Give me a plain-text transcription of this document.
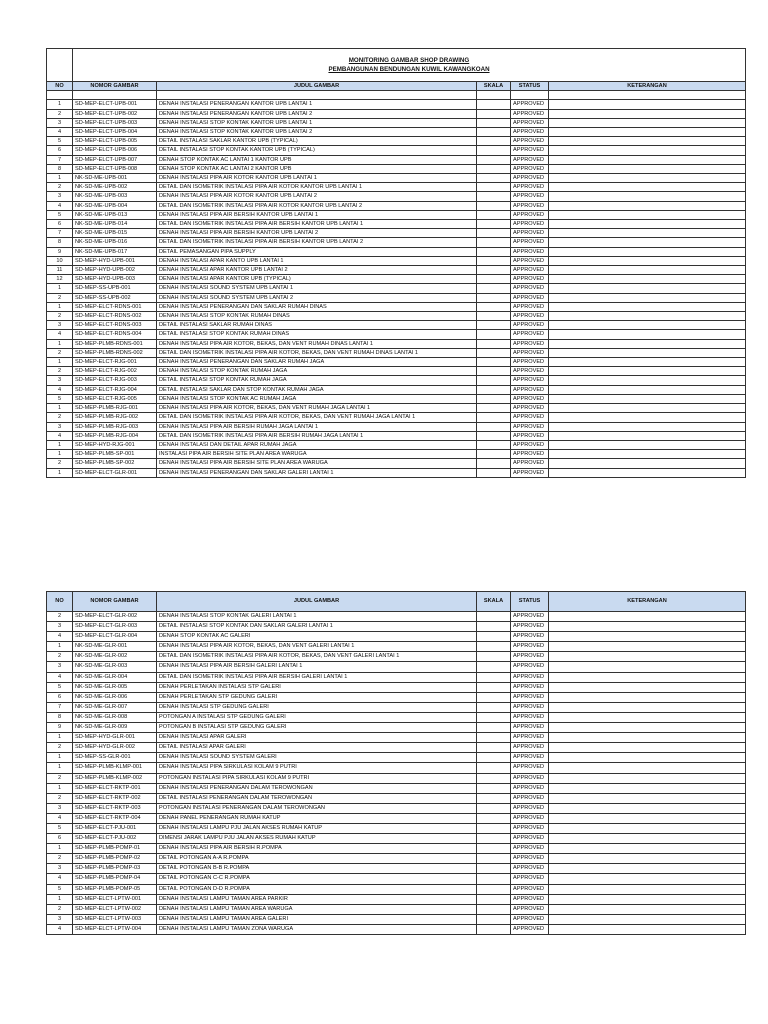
	MONITORING GAMBAR SHOP DRAWING
PEMBANGUNAN BENDUNGAN KUWIL KAWANGKOAN				

NO	NOMOR GAMBAR	JUDUL GAMBAR	SKALA	STATUS	KETERANGAN

1	SD-MEP-ELCT-UPB-001	DENAH INSTALASI PENERANGAN KANTOR UPB LANTAI 1		APPROVED	
2	SD-MEP-ELCT-UPB-002	DENAH INSTALASI PENERANGAN KANTOR UPB LANTAI 2		APPROVED	
3	SD-MEP-ELCT-UPB-003	DENAH INSTALASI STOP KONTAK KANTOR UPB LANTAI 1		APPROVED	
4	SD-MEP-ELCT-UPB-004	DENAH INSTALASI STOP KONTAK KANTOR UPB LANTAI 2		APPROVED	
5	SD-MEP-ELCT-UPB-005	DETAIL INSTALASI SAKLAR KANTOR UPB (TYPICAL)		APPROVED	
6	SD-MEP-ELCT-UPB-006	DETAIL INSTALASI STOP KONTAK KANTOR UPB (TYPICAL)		APPROVED	
7	SD-MEP-ELCT-UPB-007	DENAH STOP KONTAK AC LANTAI 1 KANTOR UPB		APPROVED	
8	SD-MEP-ELCT-UPB-008	DENAH STOP KONTAK AC LANTAI 2 KANTOR UPB		APPROVED	
1	NK-SD-ME-UPB-001	DENAH INSTALASI PIPA AIR KOTOR KANTOR UPB LANTAI 1		APPROVED	
2	NK-SD-ME-UPB-002	DETAIL DAN ISOMETRIK INSTALASI PIPA AIR KOTOR KANTOR UPB LANTAI 1		APPROVED	
3	NK-SD-ME-UPB-003	DENAH INSTALASI PIPA AIR KOTOR KANTOR UPB LANTAI 2		APPROVED	
4	NK-SD-ME-UPB-004	DETAIL DAN ISOMETRIK INSTALASI PIPA AIR KOTOR KANTOR UPB LANTAI 2		APPROVED	
5	NK-SD-ME-UPB-013	DENAH INSTALASI PIPA AIR BERSIH KANTOR UPB LANTAI 1		APPROVED	
6	NK-SD-ME-UPB-014	DETAIL DAN ISOMETRIK INSTALASI PIPA AIR BERSIH KANTOR UPB LANTAI 1		APPROVED	
7	NK-SD-ME-UPB-015	DENAH INSTALASI PIPA AIR BERSIH KANTOR UPB LANTAI 2		APPROVED	
8	NK-SD-ME-UPB-016	DETAIL DAN ISOMETRIK INSTALASI PIPA AIR BERSIH KANTOR UPB LANTAI 2		APPROVED	
9	NK-SD-ME-UPB-017	DETAIL PEMASANGAN PIPA SUPPLY		APPROVED	
10	SD-MEP-HYD-UPB-001	DENAH INSTALASI APAR KANTO UPB LANTAI 1		APPROVED	
11	SD-MEP-HYD-UPB-002	DENAH INSTALASI APAR KANTOR UPB LANTAI 2		APPROVED	
12	SD-MEP-HYD-UPB-003	DENAH INSTALASI APAR KANTOR UPB (TYPICAL)		APPROVED	
1	SD-MEP-SS-UPB-001	DENAH INSTALASI SOUND SYSTEM UPB LANTAI 1		APPROVED	
2	SD-MEP-SS-UPB-002	DENAH INSTALASI SOUND SYSTEM UPB LANTAI 2		APPROVED	
1	SD-MEP-ELCT-RDNS-001	DENAH INSTALASI PENERANGAN DAN SAKLAR RUMAH DINAS		APPROVED	
2	SD-MEP-ELCT-RDNS-002	DENAH INSTALASI STOP KONTAK RUMAH DINAS		APPROVED	
3	SD-MEP-ELCT-RDNS-003	DETAIL INSTALASI SAKLAR RUMAH DINAS		APPROVED	
4	SD-MEP-ELCT-RDNS-004	DETAIL INSTALASI STOP KONTAK RUMAH DINAS		APPROVED	
1	SD-MEP-PLMB-RDNS-001	DENAH INSTALASI PIPA AIR KOTOR, BEKAS, DAN VENT RUMAH DINAS LANTAI 1		APPROVED	
2	SD-MEP-PLMB-RDNS-002	DETAIL DAN ISOMETRIK INSTALASI PIPA AIR KOTOR, BEKAS, DAN VENT RUMAH DINAS LANTAI 1		APPROVED	
1	SD-MEP-ELCT-RJG-001	DENAH INSTALASI PENERANGAN DAN SAKLAR RUMAH JAGA		APPROVED	
2	SD-MEP-ELCT-RJG-002	DENAH INSTALASI STOP KONTAK RUMAH JAGA		APPROVED	
3	SD-MEP-ELCT-RJG-003	DETAIL INSTALASI STOP KONTAK RUMAH JAGA		APPROVED	
4	SD-MEP-ELCT-RJG-004	DETAIL INSTALASI SAKLAR DAN STOP KONTAK RUMAH JAGA		APPROVED	
5	SD-MEP-ELCT-RJG-005	DENAH INSTALASI STOP KONTAK AC RUMAH JAGA		APPROVED	
1	SD-MEP-PLMB-RJG-001	DENAH INSTALASI PIPA AIR KOTOR, BEKAS, DAN VENT RUMAH JAGA LANTAI 1		APPROVED	
2	SD-MEP-PLMB-RJG-002	DETAIL DAN ISOMETRIK INSTALASI PIPA AIR KOTOR, BEKAS, DAN VENT RUMAH JAGA LANTAI 1		APPROVED	
3	SD-MEP-PLMB-RJG-003	DENAH INSTALASI PIPA AIR BERSIH RUMAH JAGA LANTAI 1		APPROVED	
4	SD-MEP-PLMB-RJG-004	DETAIL DAN ISOMETRIK INSTALASI PIPA AIR BERSIH RUMAH JAGA LANTAI 1		APPROVED	
1	SD-MEP-HYD-RJG-001	DENAH INSTALASI DAN DETAIL APAR RUMAH JAGA		APPROVED	
1	SD-MEP-PLMB-SP-001	INSTALASI PIPA AIR BERSIH SITE PLAN AREA WARUGA		APPROVED	
2	SD-MEP-PLMB-SP-002	DENAH INSTALASI PIPA AIR BERSIH SITE PLAN AREA WARUGA		APPROVED	
1	SD-MEP-ELCT-GLR-001	DENAH INSTALASI PENERANGAN DAN SAKLAR GALERI LANTAI 1		APPROVED	
NO	NOMOR GAMBAR	JUDUL GAMBAR	SKALA	STATUS	KETERANGAN
2	SD-MEP-ELCT-GLR-002	DENAH INSTALASI STOP KONTAK GALERI LANTAI 1		APPROVED	
3	SD-MEP-ELCT-GLR-003	DETAIL INSTALASI STOP KONTAK DAN SAKLAR GALERI LANTAI 1		APPROVED	
4	SD-MEP-ELCT-GLR-004	DENAH STOP KONTAK AC GALERI		APPROVED	
1	NK-SD-ME-GLR-001	DENAH INSTALASI PIPA AIR KOTOR, BEKAS, DAN VENT GALERI LANTAI 1		APPROVED	
2	NK-SD-ME-GLR-002	DETAIL DAN ISOMETRIK INSTALASI PIPA AIR KOTOR, BEKAS, DAN VENT GALERI LANTAI 1		APPROVED	
3	NK-SD-ME-GLR-003	DENAH INSTALASI PIPA AIR BERSIH GALERI LANTAI 1		APPROVED	
4	NK-SD-ME-GLR-004	DETAIL DAN ISOMETRIK INSTALASI PIPA AIR BERSIH GALERI LANTAI 1		APPROVED	
5	NK-SD-ME-GLR-005	DENAH PERLETAKAN INSTALASI STP GALERI		APPROVED	
6	NK-SD-ME-GLR-006	DENAH PERLETAKAN STP GEDUNG GALERI		APPROVED	
7	NK-SD-ME-GLR-007	DENAH INSTALASI STP GEDUNG GALERI		APPROVED	
8	NK-SD-ME-GLR-008	POTONGAN A INSTALASI STP GEDUNG GALERI		APPROVED	
9	NK-SD-ME-GLR-009	POTONGAN B INSTALASI STP GEDUNG GALERI		APPROVED	
1	SD-MEP-HYD-GLR-001	DENAH INSTALASI APAR GALERI		APPROVED	
2	SD-MEP-HYD-GLR-002	DETAIL INSTALASI APAR GALERI		APPROVED	
1	SD-MEP-SS-GLR-001	DENAH INSTALASI SOUND SYSTEM GALERI		APPROVED	
1	SD-MEP-PLMB-KLMP-001	DENAH INSTALASI PIPA SIRKULASI KOLAM 9 PUTRI		APPROVED	
2	SD-MEP-PLMB-KLMP-002	POTONGAN INSTALASI PIPA SIRKULASI KOLAM 9 PUTRI		APPROVED	
1	SD-MEP-ELCT-RKTP-001	DENAH INSTALASI PENERANGAN DALAM TEROWONGAN		APPROVED	
2	SD-MEP-ELCT-RKTP-002	DETAIL INSTALASI PENERANGAN DALAM TEROWONGAN		APPROVED	
3	SD-MEP-ELCT-RKTP-003	POTONGAN INSTALASI PENERANGAN DALAM TEROWONGAN		APPROVED	
4	SD-MEP-ELCT-RKTP-004	DENAH PANEL PENERANGAN RUMAH KATUP		APPROVED	
5	SD-MEP-ELCT-PJU-001	DENAH INSTALASI LAMPU PJU JALAN AKSES RUMAH KATUP		APPROVED	
6	SD-MEP-ELCT-PJU-002	DIMENSI JARAK LAMPU PJU JALAN AKSES RUMAH KATUP		APPROVED	
1	SD-MEP-PLMB-POMP-01	DENAH INSTALASI PIPA AIR BERSIH R.POMPA		APPROVED	
2	SD-MEP-PLMB-POMP-02	DETAIL POTONGAN A-A R.POMPA		APPROVED	
3	SD-MEP-PLMB-POMP-03	DETAIL POTONGAN B-B R.POMPA		APPROVED	
4	SD-MEP-PLMB-POMP-04	DETAIL POTONGAN C-C R.POMPA		APPROVED	
5	SD-MEP-PLMB-POMP-05	DETAIL POTONGAN D-D R.POMPA		APPROVED	
1	SD-MEP-ELCT-LPTW-001	DENAH INSTALASI LAMPU TAMAN AREA PARKIR		APPROVED	
2	SD-MEP-ELCT-LPTW-002	DENAH INSTALASI LAMPU TAMAN AREA WARUGA		APPROVED	
3	SD-MEP-ELCT-LPTW-003	DENAH INSTALASI LAMPU TAMAN AREA GALERI		APPROVED	
4	SD-MEP-ELCT-LPTW-004	DENAH INSTALASI LAMPU TAMAN ZONA WARUGA		APPROVED	
